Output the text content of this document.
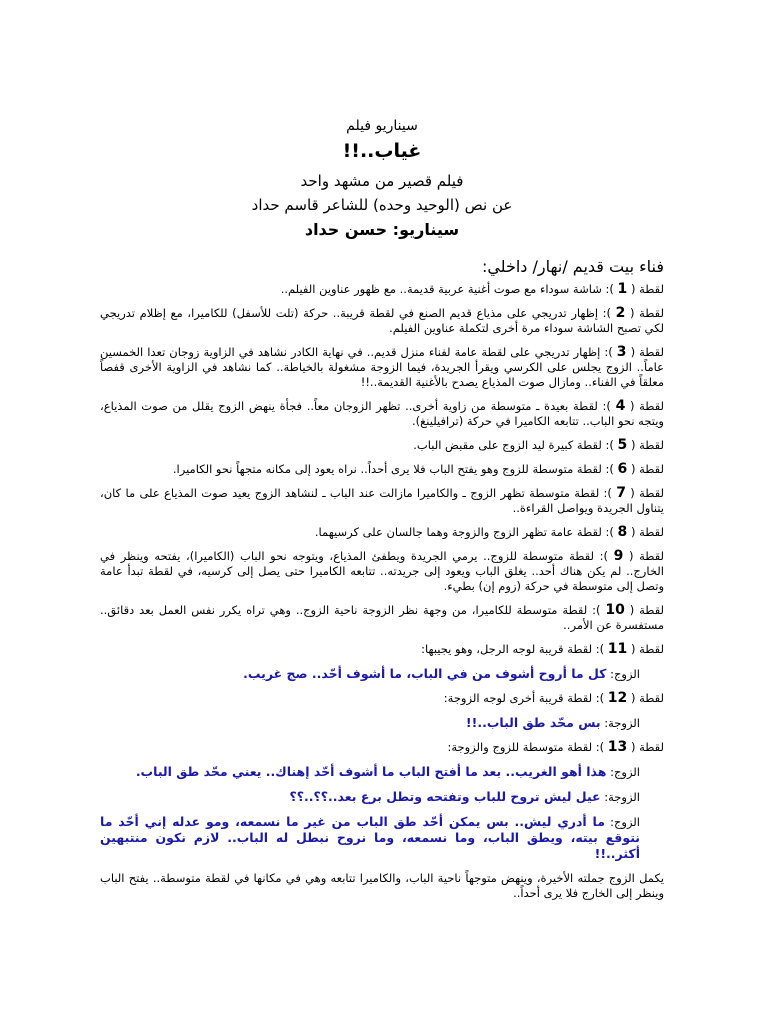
سيناريو فيلم
غياب..!!
فيلم قصير من مشهد واحد
عن نص (الوحيد وحده) للشاعر قاسم حداد
سيناريو: حسن حداد
فناء بيت قديم /نهار/ داخلي:

لقطة ( 1 ): شاشة سوداء مع صوت أغنية عربية قديمة.. مع ظهور عناوين الفيلم..

لقطة ( 2 ): إظهار تدريجي على مذياع قديم الصنع في لقطة قريبة.. حركة (تلت للأسفل) للكاميرا، مع إظلام تدريجي لكي تصبح الشاشة سوداء مرة أخرى لتكملة عناوين الفيلم.

لقطة ( 3 ): إظهار تدريجي على لقطة عامة لفناء منزل قديم.. في نهاية الكادر نشاهد في الزاوية زوجان تعدا الخمسين عاماً.. الزوج يجلس على الكرسي ويقرأ الجريدة، فيما الزوجة مشغولة بالخياطة.. كما نشاهد في الزاوية الأخرى قفصاً معلقاً في الفناء.. ومازال صوت المذياع يصدح بالأغنية القديمة..!!

لقطة ( 4 ): لقطة بعيدة ـ متوسطة من زاوية أخرى.. تظهر الزوجان معاً.. فجأة ينهض الزوج يقلل من صوت المذياع، ويتجه نحو الباب.. تتابعه الكاميرا في حركة (ترافيلينغ).

لقطة ( 5 ): لقطة كبيرة ليد الزوج على مقبض الباب.

لقطة ( 6 ): لقطة متوسطة للزوج وهو يفتح الباب فلا يرى أحداً.. نراه يعود إلى مكانه متجهاً نحو الكاميرا.

لقطة ( 7 ): لقطة متوسطة تظهر الزوج ـ والكاميرا مازالت عند الباب ـ لنشاهد الزوج يعيد صوت المذياع على ما كان، يتناول الجريدة ويواصل القراءة..

لقطة ( 8 ): لقطة عامة تظهر الزوج والزوجة وهما جالسان على كرسيهما.

لقطة ( 9 ): لقطة متوسطة للزوج.. يرمي الجريدة ويطفئ المذياع، ويتوجه نحو الباب (الكاميرا)، يفتحه وينظر في الخارج.. لم يكن هناك أحد.. يغلق الباب ويعود إلى جريدته.. تتابعه الكاميرا حتى يصل إلى كرسيه، في لقطة تبدأ عامة وتصل إلى متوسطة في حركة (زوم إن) بطيء.

لقطة ( 10 ): لقطة متوسطة للكاميرا، من وجهة نظر الزوجة ناحية الزوج.. وهي تراه يكرر نفس العمل بعد دقائق.. مستفسرة عن الأمر..

لقطة ( 11 ): لقطة قريبة لوجه الرجل، وهو يجيبها:

الزوج: كل ما أروح أشوف من في الباب، ما أشوف أحّد.. صج غريب.

لقطة ( 12 ): لقطة قريبة أخرى لوجه الزوجة:

الزوجة: بس محّد طق الباب..!!

لقطة ( 13 ): لقطة متوسطة للزوج والزوجة:

الزوج: هذا أهو الغريب.. بعد ما أفتح الباب ما أشوف أحّد إهناك.. يعني محّد طق الباب.

الزوجة: عيل ليش تروح للباب وتفتحه وتطل برع بعد..؟؟..؟؟

الزوج: ما أدري ليش.. بس يمكن أحّد طق الباب من غير ما نسمعه، ومو عدله إني أحّد ما نتوقع بيته، ويطق الباب، وما نسمعه، وما نروح نبطل له الباب.. لازم نكون منتبهين أكثر..!!

يكمل الزوج جملته الأخيرة، وينهض متوجهاً ناحية الباب، والكاميرا تتابعه وهي في مكانها في لقطة متوسطة.. يفتح الباب وينظر إلى الخارج فلا يرى أحداً..
